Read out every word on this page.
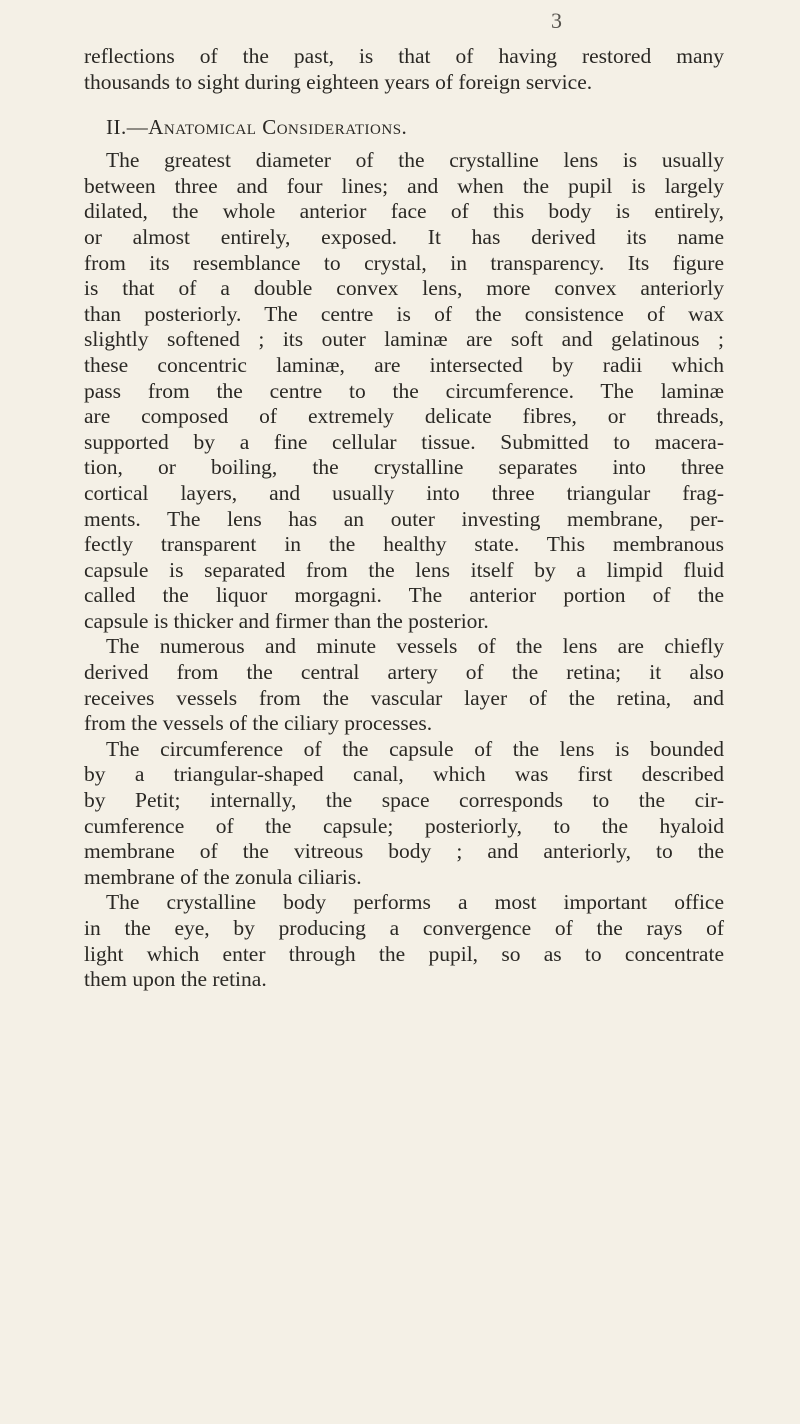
3
reflections of the past, is that of having restored many
thousands to sight during eighteen years of foreign service.
II.—Anatomical Considerations.
The greatest diameter of the crystalline lens is usually
between three and four lines; and when the pupil is largely
dilated, the whole anterior face of this body is entirely,
or almost entirely, exposed. It has derived its name
from its resemblance to crystal, in transparency. Its figure
is that of a double convex lens, more convex anteriorly
than posteriorly. The centre is of the consistence of wax
slightly softened ; its outer laminæ are soft and gelatinous ;
these concentric laminæ, are intersected by radii which
pass from the centre to the circumference. The laminæ
are composed of extremely delicate fibres, or threads,
supported by a fine cellular tissue. Submitted to macera-
tion, or boiling, the crystalline separates into three
cortical layers, and usually into three triangular frag-
ments. The lens has an outer investing membrane, per-
fectly transparent in the healthy state. This membranous
capsule is separated from the lens itself by a limpid fluid
called the liquor morgagni. The anterior portion of the
capsule is thicker and firmer than the posterior.
The numerous and minute vessels of the lens are chiefly
derived from the central artery of the retina; it also
receives vessels from the vascular layer of the retina, and
from the vessels of the ciliary processes.
The circumference of the capsule of the lens is bounded
by a triangular-shaped canal, which was first described
by Petit; internally, the space corresponds to the cir-
cumference of the capsule; posteriorly, to the hyaloid
membrane of the vitreous body ; and anteriorly, to the
membrane of the zonula ciliaris.
The crystalline body performs a most important office
in the eye, by producing a convergence of the rays of
light which enter through the pupil, so as to concentrate
them upon the retina.
